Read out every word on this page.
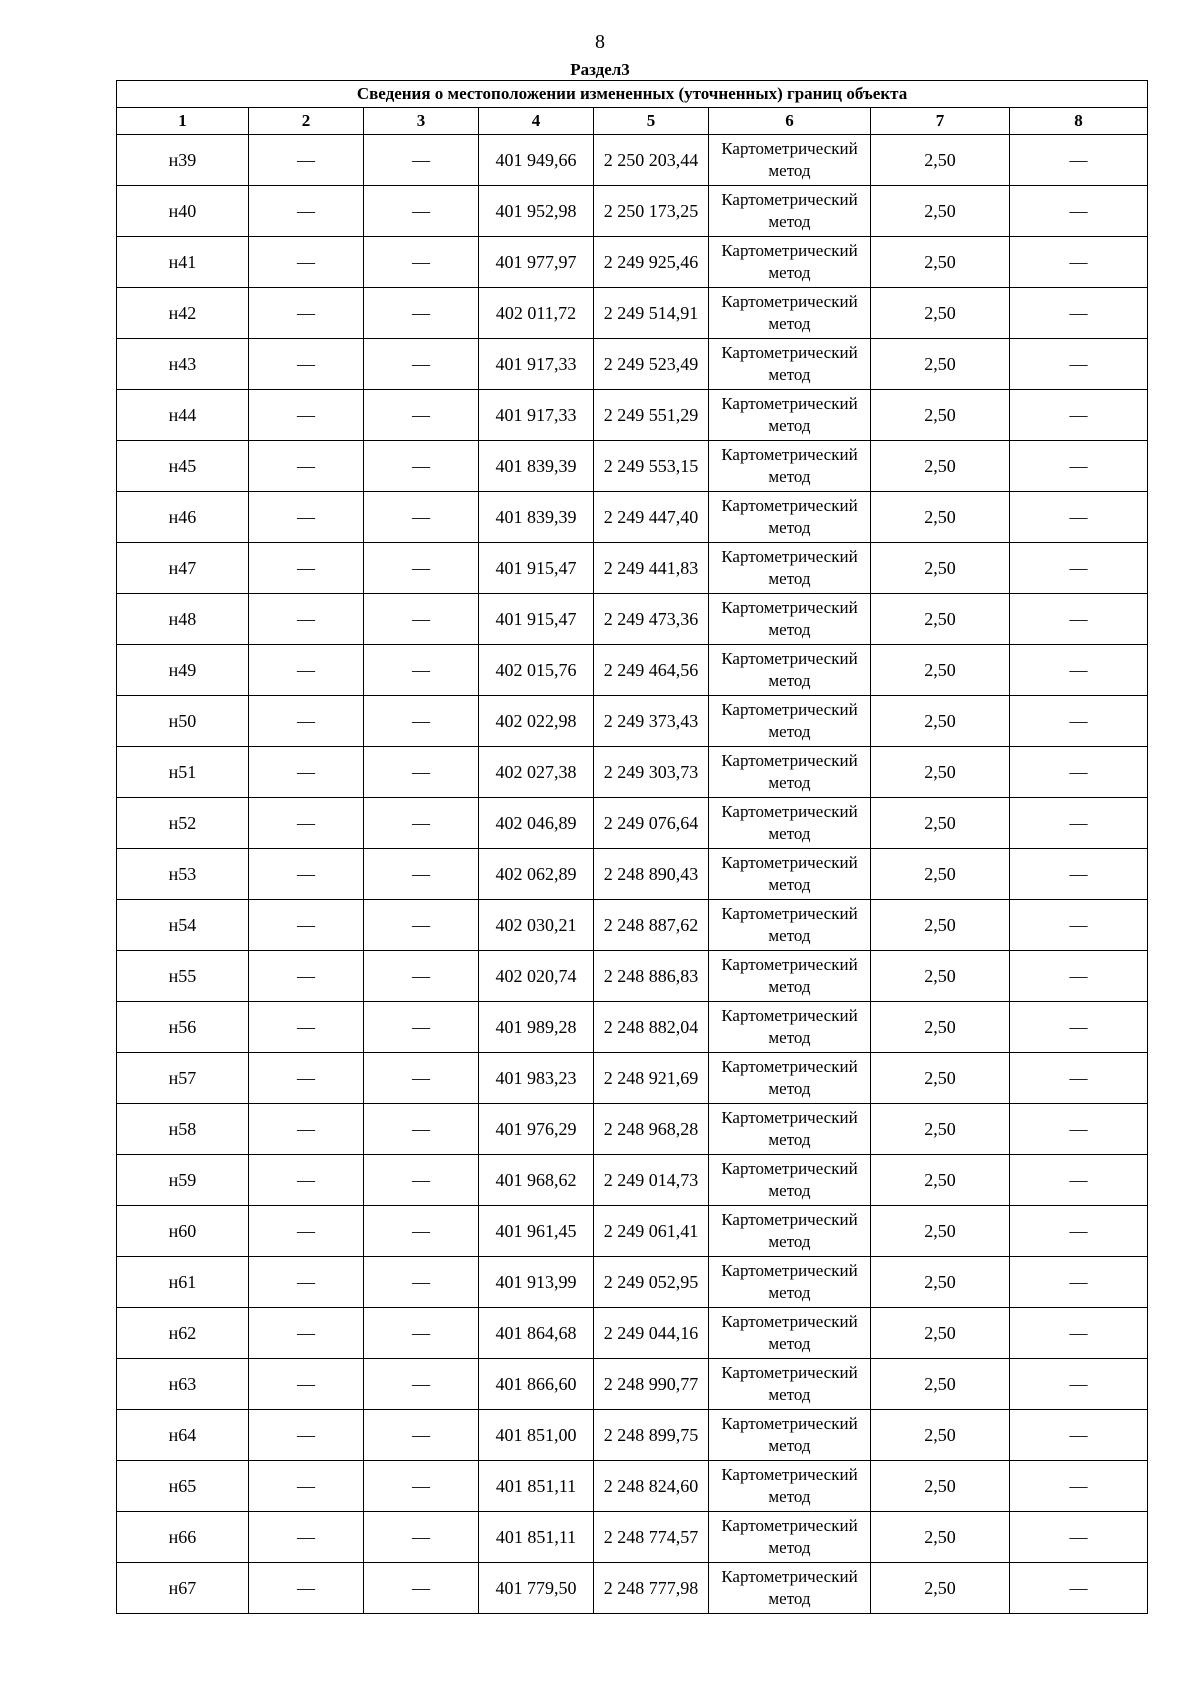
8
Раздел3
Сведения о местоположении измененных (уточненных) границ объекта							
1	2	3	4	5	6	7	8
н39	—	—	401 949,66	2 250 203,44	Картометрический метод	2,50	—
н40	—	—	401 952,98	2 250 173,25	Картометрический метод	2,50	—
н41	—	—	401 977,97	2 249 925,46	Картометрический метод	2,50	—
н42	—	—	402 011,72	2 249 514,91	Картометрический метод	2,50	—
н43	—	—	401 917,33	2 249 523,49	Картометрический метод	2,50	—
н44	—	—	401 917,33	2 249 551,29	Картометрический метод	2,50	—
н45	—	—	401 839,39	2 249 553,15	Картометрический метод	2,50	—
н46	—	—	401 839,39	2 249 447,40	Картометрический метод	2,50	—
н47	—	—	401 915,47	2 249 441,83	Картометрический метод	2,50	—
н48	—	—	401 915,47	2 249 473,36	Картометрический метод	2,50	—
н49	—	—	402 015,76	2 249 464,56	Картометрический метод	2,50	—
н50	—	—	402 022,98	2 249 373,43	Картометрический метод	2,50	—
н51	—	—	402 027,38	2 249 303,73	Картометрический метод	2,50	—
н52	—	—	402 046,89	2 249 076,64	Картометрический метод	2,50	—
н53	—	—	402 062,89	2 248 890,43	Картометрический метод	2,50	—
н54	—	—	402 030,21	2 248 887,62	Картометрический метод	2,50	—
н55	—	—	402 020,74	2 248 886,83	Картометрический метод	2,50	—
н56	—	—	401 989,28	2 248 882,04	Картометрический метод	2,50	—
н57	—	—	401 983,23	2 248 921,69	Картометрический метод	2,50	—
н58	—	—	401 976,29	2 248 968,28	Картометрический метод	2,50	—
н59	—	—	401 968,62	2 249 014,73	Картометрический метод	2,50	—
н60	—	—	401 961,45	2 249 061,41	Картометрический метод	2,50	—
н61	—	—	401 913,99	2 249 052,95	Картометрический метод	2,50	—
н62	—	—	401 864,68	2 249 044,16	Картометрический метод	2,50	—
н63	—	—	401 866,60	2 248 990,77	Картометрический метод	2,50	—
н64	—	—	401 851,00	2 248 899,75	Картометрический метод	2,50	—
н65	—	—	401 851,11	2 248 824,60	Картометрический метод	2,50	—
н66	—	—	401 851,11	2 248 774,57	Картометрический метод	2,50	—
н67	—	—	401 779,50	2 248 777,98	Картометрический метод	2,50	—
